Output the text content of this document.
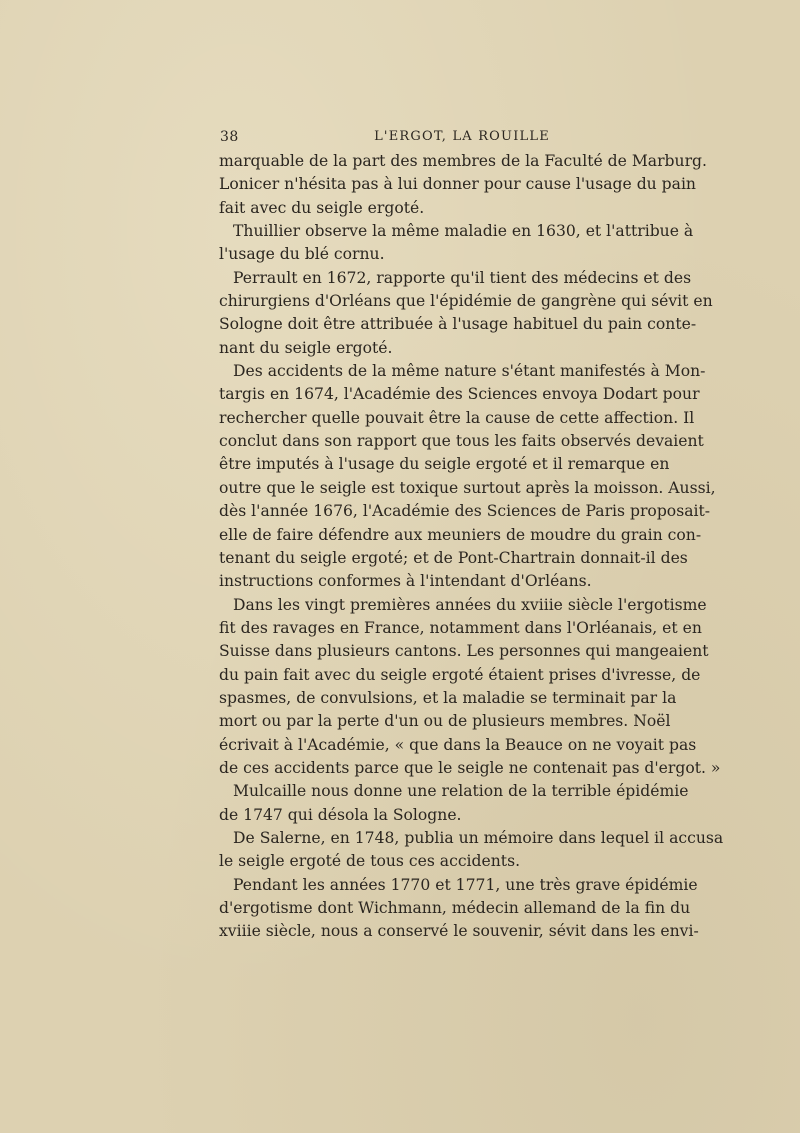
38	L'ERGOT, LA ROUILLE
marquable de la part des membres de la Faculté de Marburg.
Lonicer n'hésita pas à lui donner pour cause l'usage du pain
fait avec du seigle ergoté.
Thuillier observe la même maladie en 1630, et l'attribue à
l'usage du blé cornu.
Perrault en 1672, rapporte qu'il tient des médecins et des
chirurgiens d'Orléans que l'épidémie de gangrène qui sévit en
Sologne doit être attribuée à l'usage habituel du pain conte-
nant du seigle ergoté.
Des accidents de la même nature s'étant manifestés à Mon-
targis en 1674, l'Académie des Sciences envoya Dodart pour
rechercher quelle pouvait être la cause de cette affection. Il
conclut dans son rapport que tous les faits observés devaient
être imputés à l'usage du seigle ergoté et il remarque en
outre que le seigle est toxique surtout après la moisson. Aussi,
dès l'année 1676, l'Académie des Sciences de Paris proposait-
elle de faire défendre aux meuniers de moudre du grain con-
tenant du seigle ergoté; et de Pont-Chartrain donnait-il des
instructions conformes à l'intendant d'Orléans.
Dans les vingt premières années du xviiie siècle l'ergotisme
fit des ravages en France, notamment dans l'Orléanais, et en
Suisse dans plusieurs cantons. Les personnes qui mangeaient
du pain fait avec du seigle ergoté étaient prises d'ivresse, de
spasmes, de convulsions, et la maladie se terminait par la
mort ou par la perte d'un ou de plusieurs membres. Noël
écrivait à l'Académie, « que dans la Beauce on ne voyait pas
de ces accidents parce que le seigle ne contenait pas d'ergot. »
Mulcaille nous donne une relation de la terrible épidémie
de 1747 qui désola la Sologne.
De Salerne, en 1748, publia un mémoire dans lequel il accusa
le seigle ergoté de tous ces accidents.
Pendant les années 1770 et 1771, une très grave épidémie
d'ergotisme dont Wichmann, médecin allemand de la fin du
xviiie siècle, nous a conservé le souvenir, sévit dans les envi-
